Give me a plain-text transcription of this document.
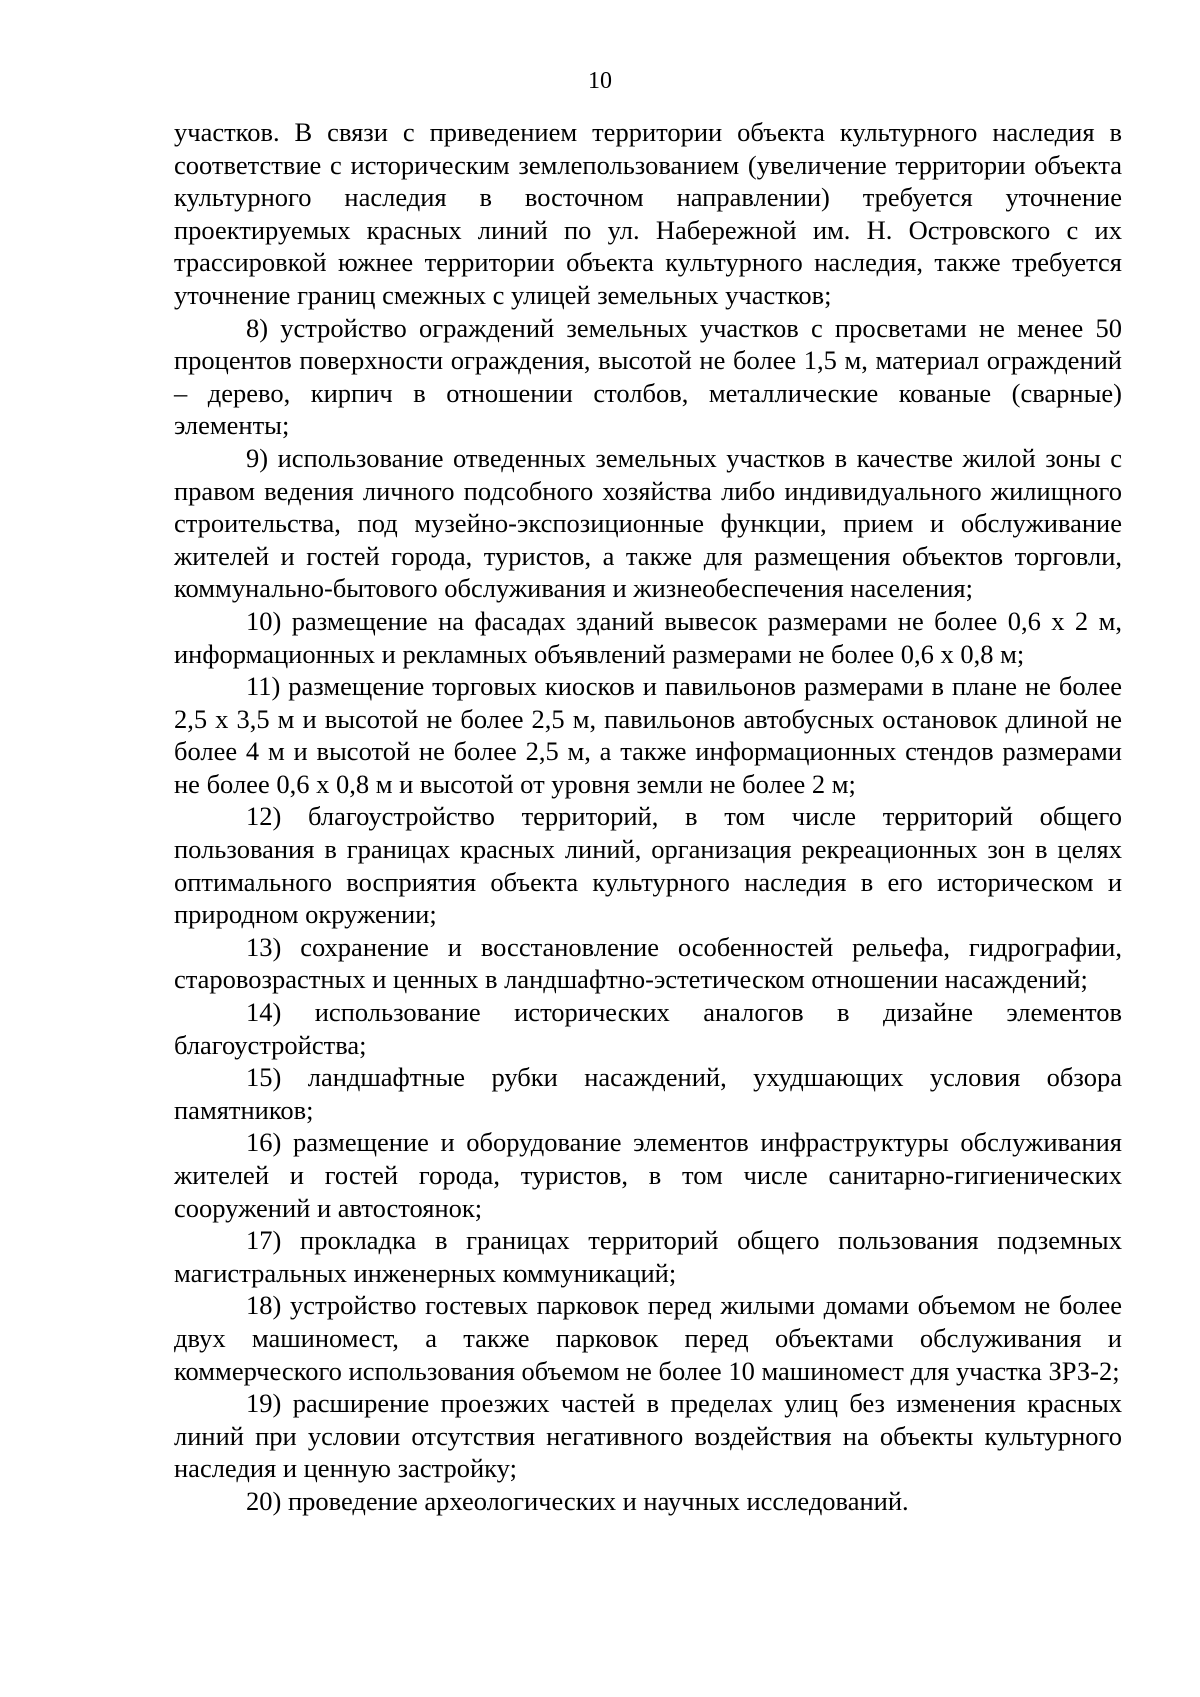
10

участков. В связи с приведением территории объекта культурного наследия в соответствие с историческим землепользованием (увеличение территории объекта культурного наследия в восточном направлении) требуется уточнение проектируемых красных линий по ул. Набережной им. Н. Островского с их трассировкой южнее территории объекта культурного наследия, также требуется уточнение границ смежных с улицей земельных участков;

8) устройство ограждений земельных участков с просветами не менее 50 процентов поверхности ограждения, высотой не более 1,5 м, материал ограждений – дерево, кирпич в отношении столбов, металлические кованые (сварные) элементы;

9) использование отведенных земельных участков в качестве жилой зоны с правом ведения личного подсобного хозяйства либо индивидуального жилищного строительства, под музейно-экспозиционные функции, прием и обслуживание жителей и гостей города, туристов, а также для размещения объектов торговли, коммунально-бытового обслуживания и жизнеобеспечения населения;

10) размещение на фасадах зданий вывесок размерами не более 0,6 х 2 м, информационных и рекламных объявлений размерами не более 0,6 х 0,8 м;

11) размещение торговых киосков и павильонов размерами в плане не более 2,5 х 3,5 м и высотой не более 2,5 м, павильонов автобусных остановок длиной не более 4 м и высотой не более 2,5 м, а также информационных стендов размерами не более 0,6 х 0,8 м и высотой от уровня земли не более 2 м;

12) благоустройство территорий, в том числе территорий общего пользования в границах красных линий, организация рекреационных зон в целях оптимального восприятия объекта культурного наследия в его историческом и природном окружении;

13) сохранение и восстановление особенностей рельефа, гидрографии, старовозрастных и ценных в ландшафтно-эстетическом отношении насаждений;

14) использование исторических аналогов в дизайне элементов благоустройства;

15) ландшафтные рубки насаждений, ухудшающих условия обзора памятников;

16) размещение и оборудование элементов инфраструктуры обслуживания жителей и гостей города, туристов, в том числе санитарно-гигиенических сооружений и автостоянок;

17) прокладка в границах территорий общего пользования подземных магистральных инженерных коммуникаций;

18) устройство гостевых парковок перед жилыми домами объемом не более двух машиномест, а также парковок перед объектами обслуживания и коммерческого использования объемом не более 10 машиномест для участка ЗРЗ-2;

19) расширение проезжих частей в пределах улиц без изменения красных линий при условии отсутствия негативного воздействия на объекты культурного наследия и ценную застройку;

20) проведение археологических и научных исследований.
